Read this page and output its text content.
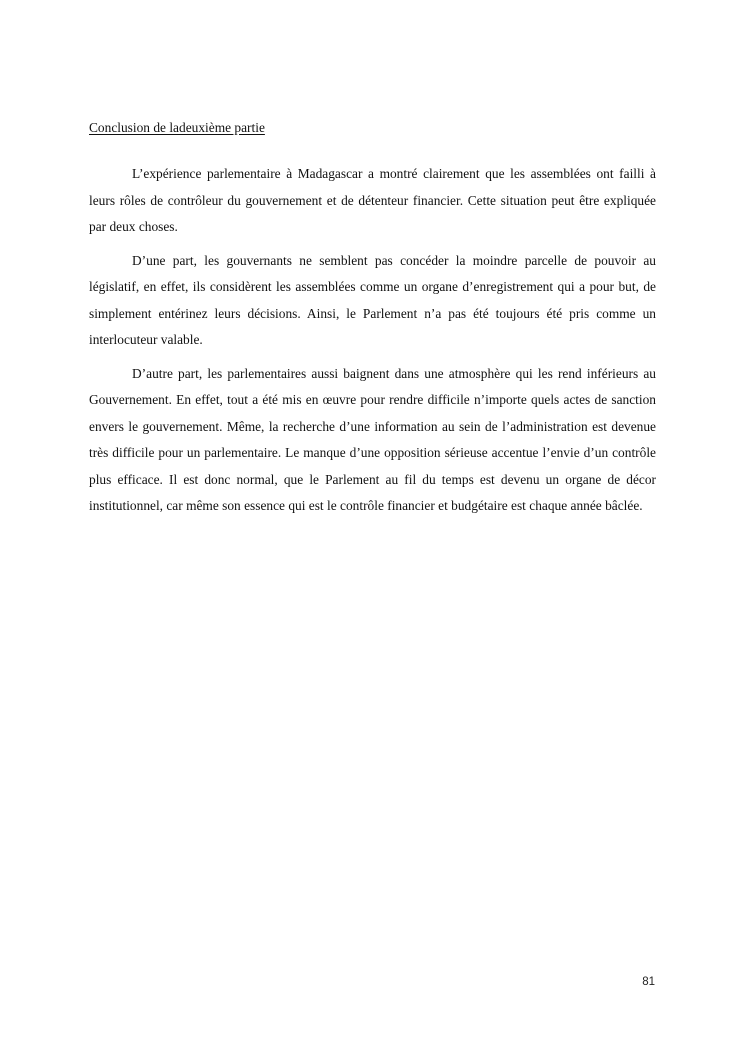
Conclusion de ladeuxième partie

L’expérience parlementaire à Madagascar a montré clairement que les assemblées ont failli à leurs rôles de contrôleur du gouvernement et de détenteur financier. Cette situation peut être expliquée par deux choses.

D’une part, les gouvernants ne semblent pas concéder la moindre parcelle de pouvoir au législatif, en effet, ils considèrent les assemblées comme un organe d’enregistrement qui a pour but, de simplement entérinez leurs décisions. Ainsi, le Parlement n’a pas été toujours été pris comme un interlocuteur valable.

D’autre part, les parlementaires aussi baignent dans une atmosphère qui les rend inférieurs au Gouvernement. En effet, tout a été mis en œuvre pour rendre difficile n’importe quels actes de sanction envers le gouvernement. Même, la recherche d’une information au sein de l’administration est devenue très difficile pour un parlementaire. Le manque d’une opposition sérieuse accentue l’envie d’un contrôle plus efficace. Il est donc normal, que le Parlement au fil du temps est devenu un organe de décor institutionnel, car même son essence qui est le contrôle financier et budgétaire est chaque année bâclée.

81
